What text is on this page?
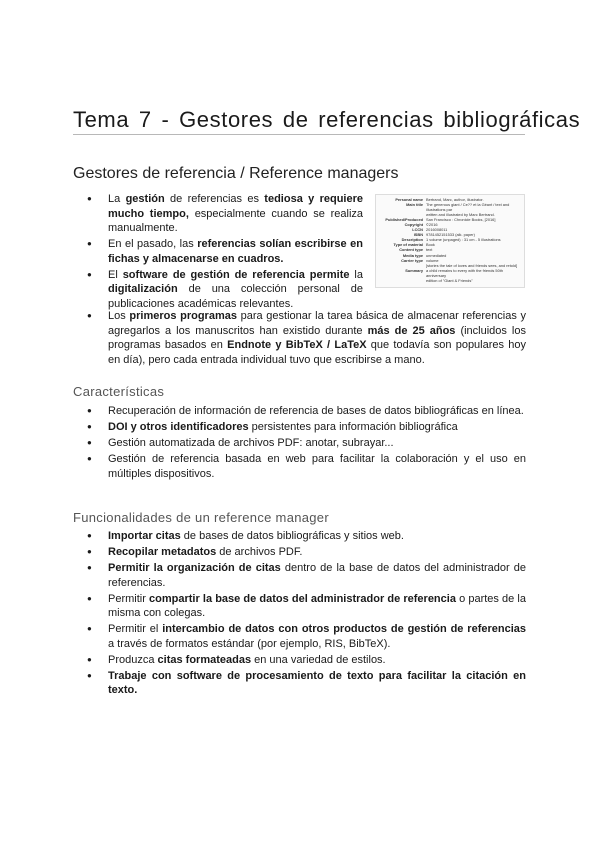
Tema 7 - Gestores de referencias bibliográficas
Gestores de referencia / Reference managers
Personal name Bertrand, Marc, author, illustrator.
Main title The generous giant / Ce?? et la Géant / text and illustrations par
written and illustrated by Marc Bertrand.
Published/Produced San Francisco : Chronicle Books, [2016]
Copyright ©2016
LCCN 2016008011
ISBN 9781452151533 (alk. paper)
Description 1 volume (unpaged) : 31 cm - 5 illustrations
Type of material Book
Content type text
Media type unmediated
Carrier type volume
[stories the tale of loves and friends sees, and retold]
Summary a child remains to every with the friends 50th anniversary
edition of "Giant & Friends"
● La gestión de referencias es tediosa y requiere mucho tiempo, especialmente cuando se realiza manualmente.
● En el pasado, las referencias solían escribirse en fichas y almacenarse en cuadros.
● El software de gestión de referencia permite la digitalización de una colección personal de publicaciones académicas relevantes.
● Los primeros programas para gestionar la tarea básica de almacenar referencias y agregarlos a los manuscritos han existido durante más de 25 años (incluidos los programas basados en Endnote y BibTeX / LaTeX que todavía son populares hoy en día), pero cada entrada individual tuvo que escribirse a mano.
Características
● Recuperación de información de referencia de bases de datos bibliográficas en línea.
● DOI y otros identificadores persistentes para información bibliográfica
● Gestión automatizada de archivos PDF: anotar, subrayar...
● Gestión de referencia basada en web para facilitar la colaboración y el uso en múltiples dispositivos.
Funcionalidades de un reference manager
● Importar citas de bases de datos bibliográficas y sitios web.
● Recopilar metadatos de archivos PDF.
● Permitir la organización de citas dentro de la base de datos del administrador de referencias.
● Permitir compartir la base de datos del administrador de referencia o partes de la misma con colegas.
● Permitir el intercambio de datos con otros productos de gestión de referencias a través de formatos estándar (por ejemplo, RIS, BibTeX).
● Produzca citas formateadas en una variedad de estilos.
● Trabaje con software de procesamiento de texto para facilitar la citación en texto.
